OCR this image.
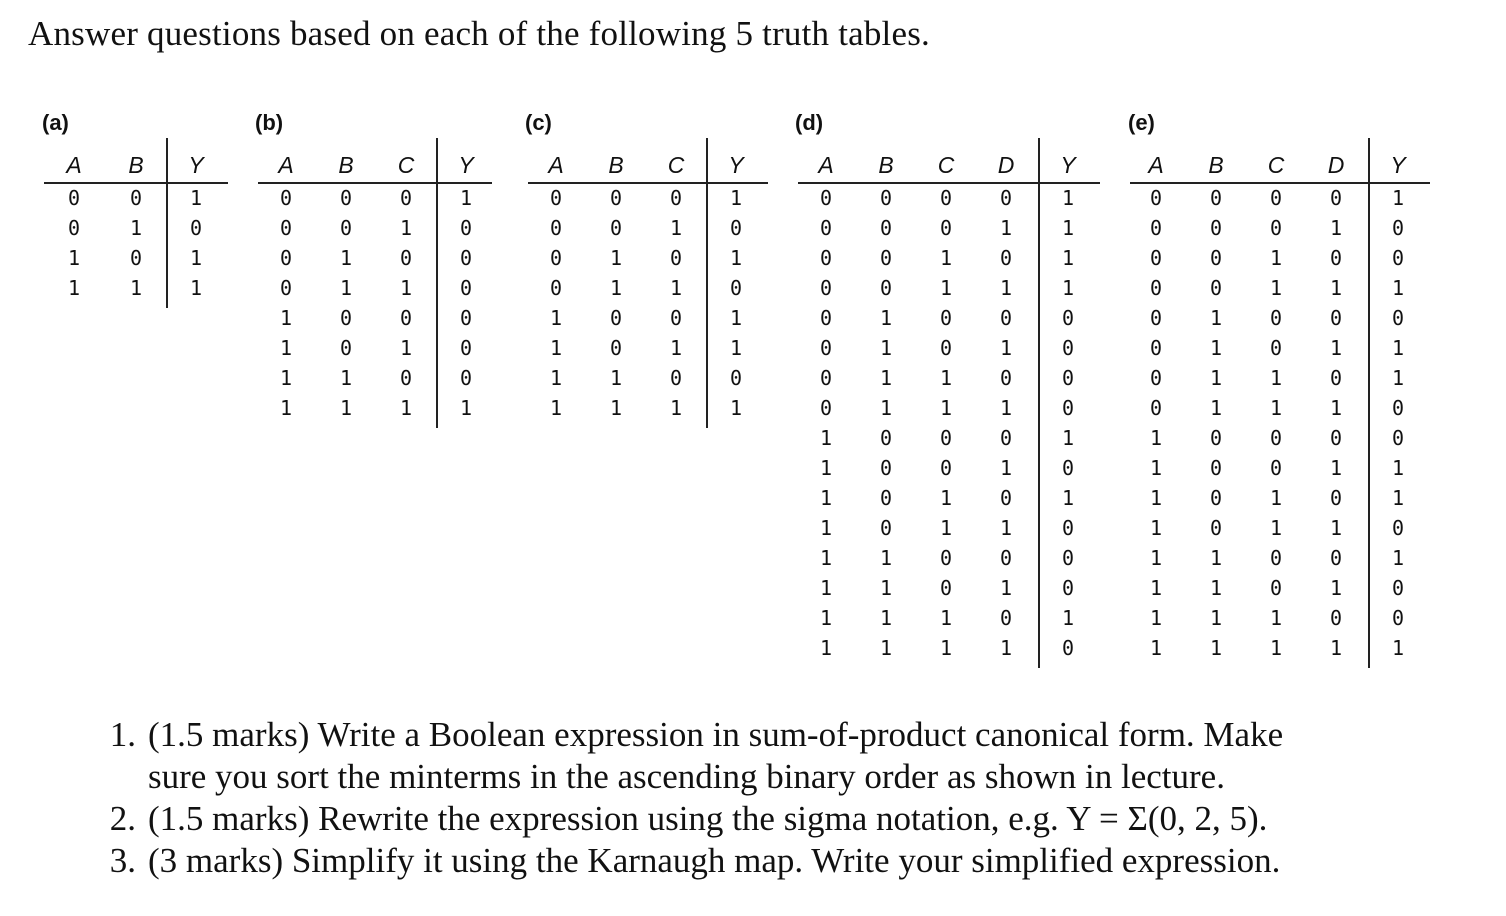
Answer questions based on each of the following 5 truth tables.
(a)
A	B	Y
0 0 1
0 1 0
1 0 1
1 1 1
(b)
A	B	C	Y
0 0 0 1
0 0 1 0
0 1 0 0
0 1 1 0
1 0 0 0
1 0 1 0
1 1 0 0
1 1 1 1
(c)
A	B	C	Y
0 0 0 1
0 0 1 0
0 1 0 1
0 1 1 0
1 0 0 1
1 0 1 1
1 1 0 0
1 1 1 1
(d)
A	B	C D	Y
0 0 0 0 1
0 0 0 1 1
0 0 1 0 1
0 0 1 1 1
0 1 0 0 0
0 1 0 1 0
0 1 1 0 0
0 1 1 1 0
1 0 0 0 1
1 0 0 1 0
1 0 1 0 1
1 0 1 1 0
1 1 0 0 0
1 1 0 1 0
1 1 1 0 1
1 1 1 1 0
(e)
A	B	C D	Y
0 0 0 0 1
0 0 0 1 0
0 0 1 0 0
0 0 1 1 1
0 1 0 0 0
0 1 0 1 1
0 1 1 0 1
0 1 1 1 0
1 0 0 0 0
1 0 0 1 1
1 0 1 0 1
1 0 1 1 0
1 1 0 0 1
1 1 0 1 0
1 1 1 0 0
1 1 1 1 1
1. (1.5 marks) Write a Boolean expression in sum-of-product canonical form. Make
sure you sort the minterms in the ascending binary order as shown in lecture.
2. (1.5 marks) Rewrite the expression using the sigma notation, e.g. Y = Σ(0, 2, 5).
3. (3 marks) Simplify it using the Karnaugh map. Write your simplified expression.
